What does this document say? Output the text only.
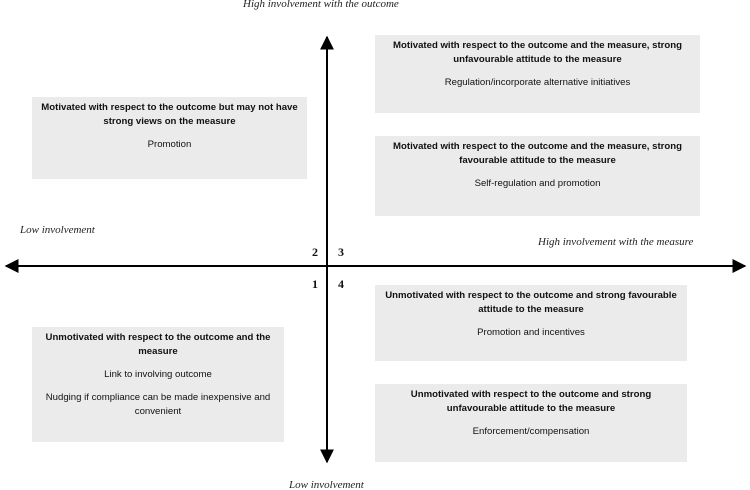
High involvement with the outcome
Low involvement
Low involvement
High involvement with the measure
2 3
1 4
Motivated with respect to the outcome but may not have strong views on the measure
Promotion
Motivated with respect to the outcome and the measure, strong unfavourable attitude to the measure
Regulation/incorporate alternative initiatives
Motivated with respect to the outcome and the measure, strong favourable attitude to the measure
Self-regulation and promotion
Unmotivated with respect to the outcome and strong favourable attitude to the measure
Promotion and incentives
Unmotivated with respect to the outcome and strong unfavourable attitude to the measure
Enforcement/compensation
Unmotivated with respect to the outcome and the measure
Link to involving outcome
Nudging if compliance can be made inexpensive and convenient
